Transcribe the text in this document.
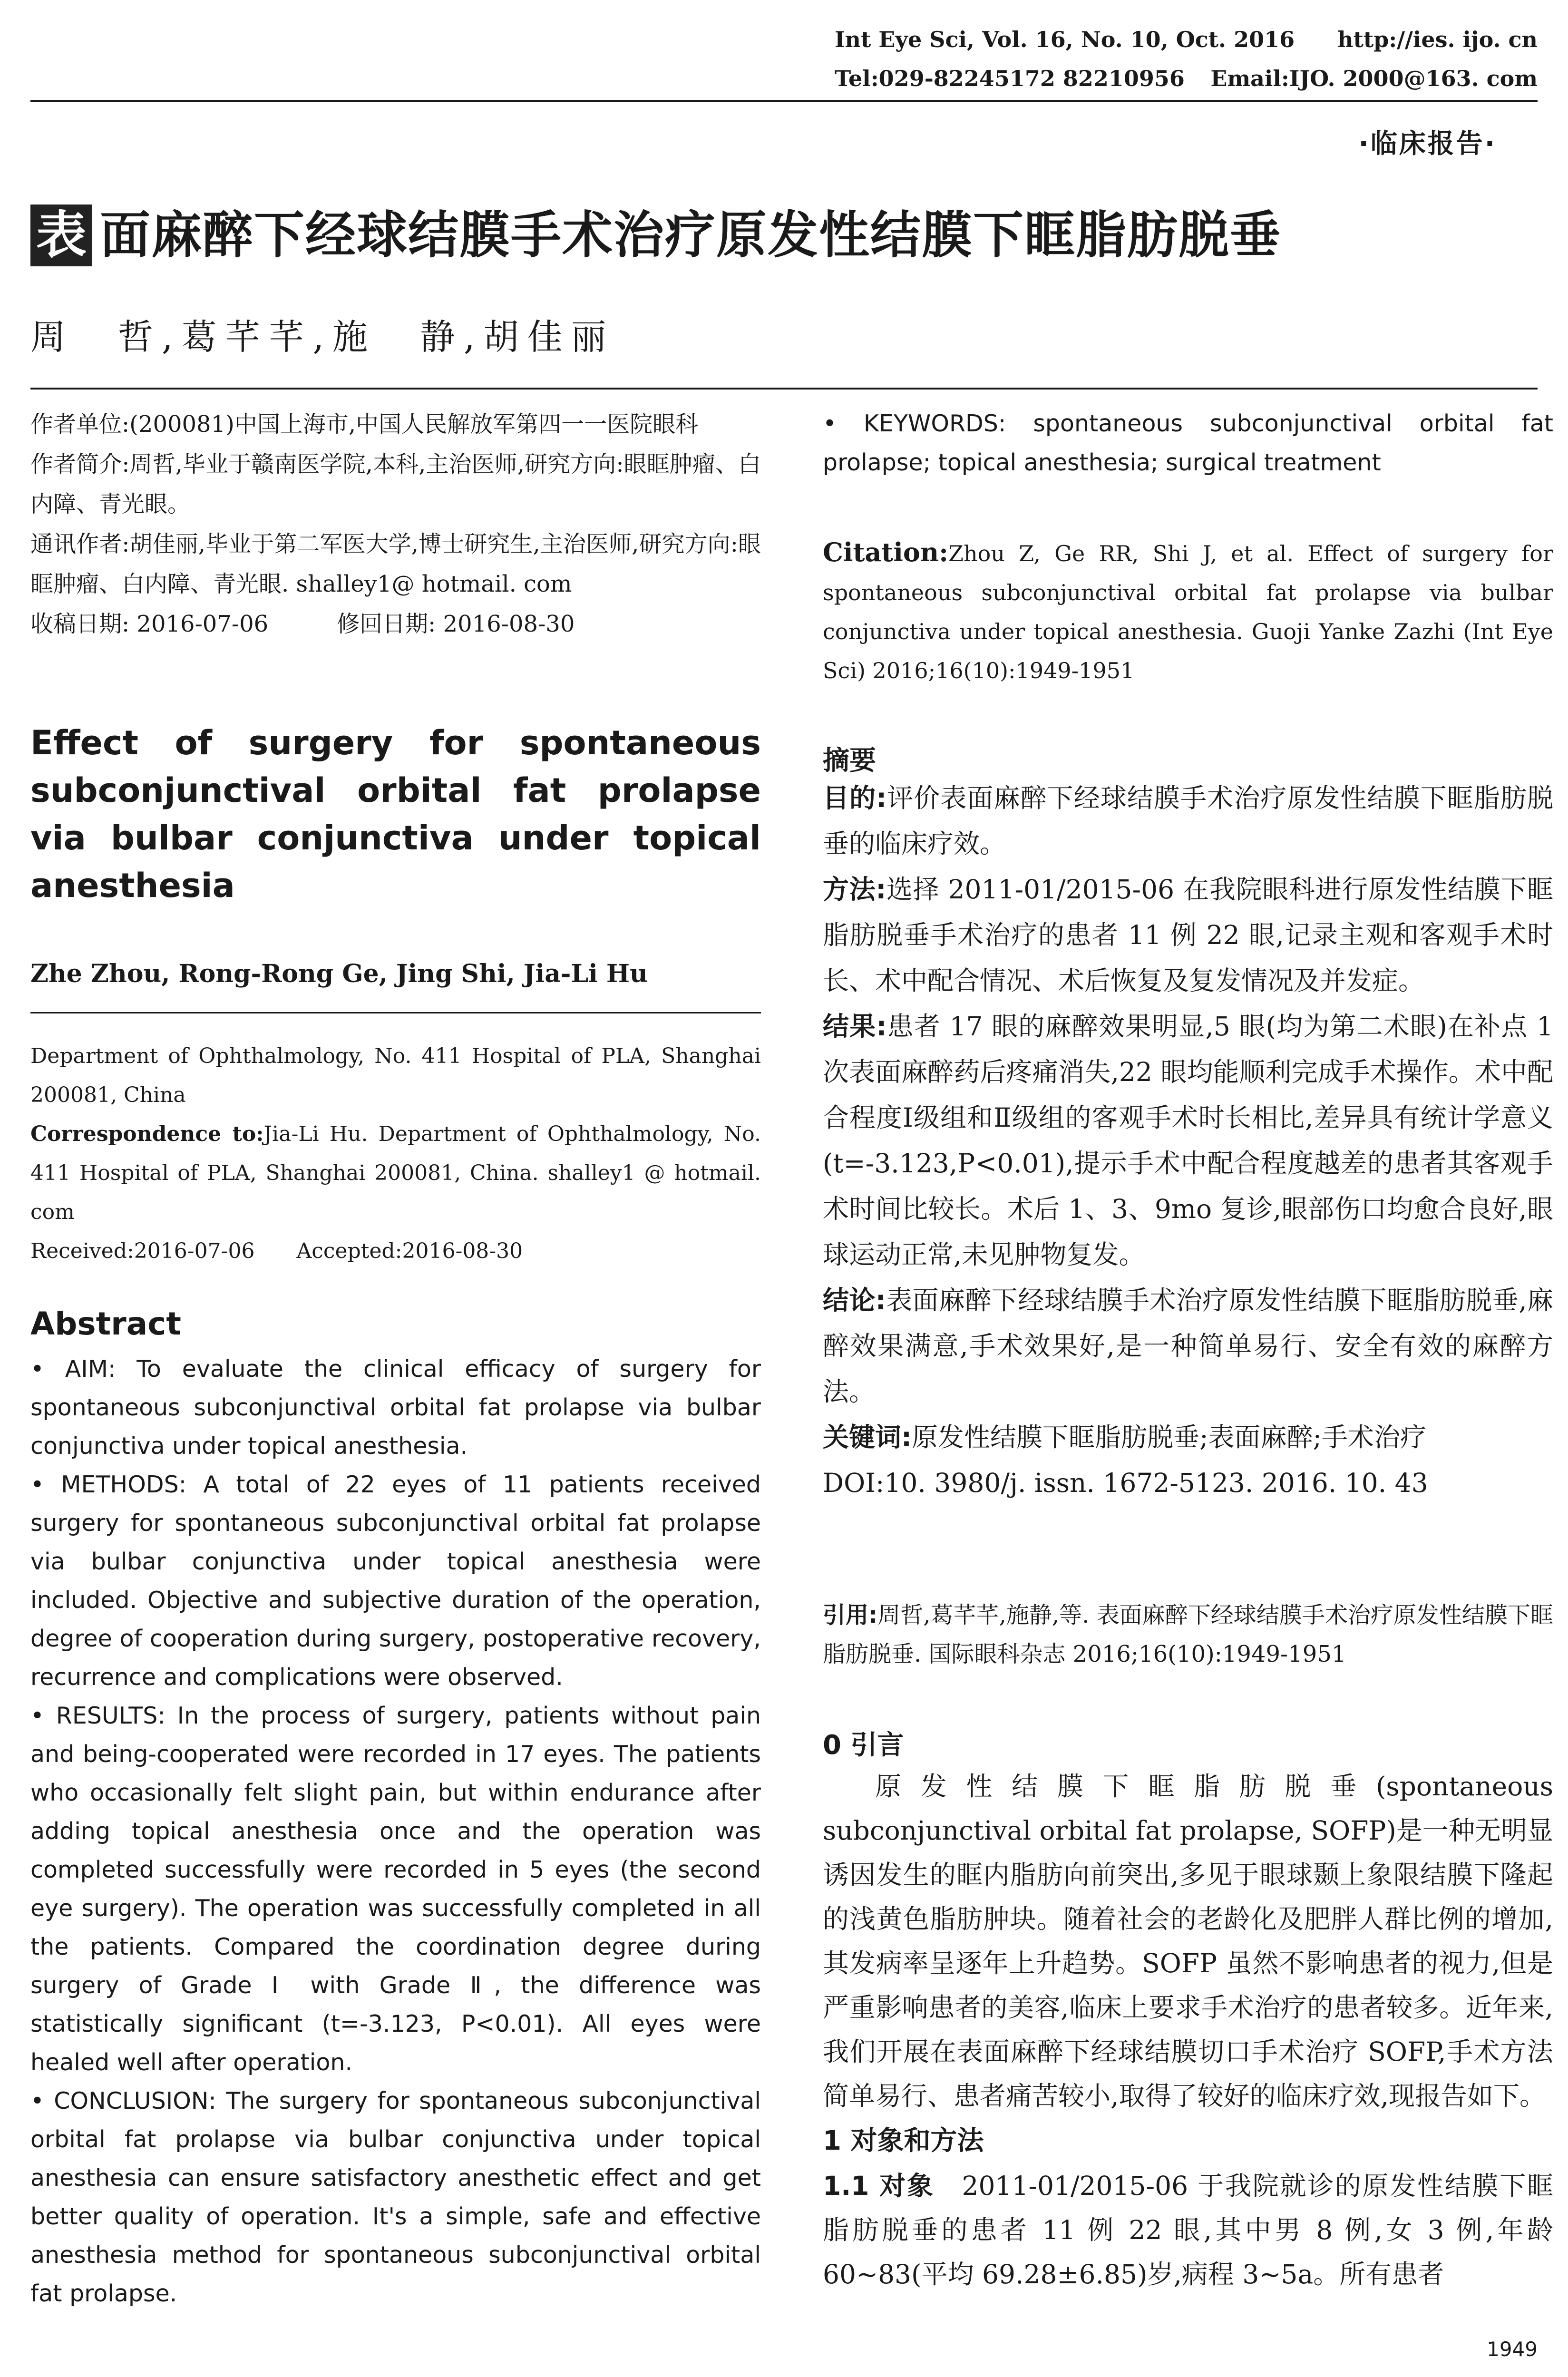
Int Eye Sci, Vol. 16, No. 10, Oct. 2016 http://ies. ijo. cn
Tel:029-82245172 82210956 Email:IJO. 2000@163. com
·临床报告·
表 面麻醉下经球结膜手术治疗原发性结膜下眶脂肪脱垂
周　哲,葛芊芊,施　静,胡佳丽
作者单位:(200081)中国上海市,中国人民解放军第四一一医院眼科
作者简介:周哲,毕业于赣南医学院,本科,主治医师,研究方向:眼眶肿瘤、白内障、青光眼。
通讯作者:胡佳丽,毕业于第二军医大学,博士研究生,主治医师,研究方向:眼眶肿瘤、白内障、青光眼. shalley1@ hotmail. com
收稿日期: 2016-07-06　　　修回日期: 2016-08-30
Effect of surgery for spontaneous subconjunctival orbital fat prolapse via bulbar conjunctiva under topical anesthesia
Zhe Zhou, Rong-Rong Ge, Jing Shi, Jia-Li Hu
Department of Ophthalmology, No. 411 Hospital of PLA, Shanghai 200081, China
Correspondence to:Jia-Li Hu. Department of Ophthalmology, No. 411 Hospital of PLA, Shanghai 200081, China. shalley1 @ hotmail. com
Received:2016-07-06　　Accepted:2016-08-30
Abstract

• AIM: To evaluate the clinical efficacy of surgery for spontaneous subconjunctival orbital fat prolapse via bulbar conjunctiva under topical anesthesia.

• METHODS: A total of 22 eyes of 11 patients received surgery for spontaneous subconjunctival orbital fat prolapse via bulbar conjunctiva under topical anesthesia were included. Objective and subjective duration of the operation, degree of cooperation during surgery, postoperative recovery, recurrence and complications were observed.

• RESULTS: In the process of surgery, patients without pain and being-cooperated were recorded in 17 eyes. The patients who occasionally felt slight pain, but within endurance after adding topical anesthesia once and the operation was completed successfully were recorded in 5 eyes (the second eye surgery). The operation was successfully completed in all the patients. Compared the coordination degree during surgery of Grade Ⅰ with Grade Ⅱ, the difference was statistically significant (t=-3.123, P<0.01). All eyes were healed well after operation.

• CONCLUSION: The surgery for spontaneous subconjunctival orbital fat prolapse via bulbar conjunctiva under topical anesthesia can ensure satisfactory anesthetic effect and get better quality of operation. It's a simple, safe and effective anesthesia method for spontaneous subconjunctival orbital fat prolapse.

• KEYWORDS: spontaneous subconjunctival orbital fat prolapse; topical anesthesia; surgical treatment
Citation:Zhou Z, Ge RR, Shi J, et al. Effect of surgery for spontaneous subconjunctival orbital fat prolapse via bulbar conjunctiva under topical anesthesia. Guoji Yanke Zazhi (Int Eye Sci) 2016;16(10):1949-1951
摘要

目的:评价表面麻醉下经球结膜手术治疗原发性结膜下眶脂肪脱垂的临床疗效。

方法:选择 2011-01/2015-06 在我院眼科进行原发性结膜下眶脂肪脱垂手术治疗的患者 11 例 22 眼,记录主观和客观手术时长、术中配合情况、术后恢复及复发情况及并发症。

结果:患者 17 眼的麻醉效果明显,5 眼(均为第二术眼)在补点 1 次表面麻醉药后疼痛消失,22 眼均能顺利完成手术操作。术中配合程度Ⅰ级组和Ⅱ级组的客观手术时长相比,差异具有统计学意义(t=-3.123,P<0.01),提示手术中配合程度越差的患者其客观手术时间比较长。术后 1、3、9mo 复诊,眼部伤口均愈合良好,眼球运动正常,未见肿物复发。

结论:表面麻醉下经球结膜手术治疗原发性结膜下眶脂肪脱垂,麻醉效果满意,手术效果好,是一种简单易行、安全有效的麻醉方法。

关键词:原发性结膜下眶脂肪脱垂;表面麻醉;手术治疗

DOI:10. 3980/j. issn. 1672-5123. 2016. 10. 43

引用:周哲,葛芊芊,施静,等. 表面麻醉下经球结膜手术治疗原发性结膜下眶脂肪脱垂. 国际眼科杂志 2016;16(10):1949-1951
0 引言

原发性结膜下眶脂肪脱垂(spontaneous subconjunctival orbital fat prolapse, SOFP)是一种无明显诱因发生的眶内脂肪向前突出,多见于眼球颞上象限结膜下隆起的浅黄色脂肪肿块。随着社会的老龄化及肥胖人群比例的增加,其发病率呈逐年上升趋势。SOFP 虽然不影响患者的视力,但是严重影响患者的美容,临床上要求手术治疗的患者较多。近年来,我们开展在表面麻醉下经球结膜切口手术治疗 SOFP,手术方法简单易行、患者痛苦较小,取得了较好的临床疗效,现报告如下。

1 对象和方法

1.1 对象　 2011-01/2015-06 于我院就诊的原发性结膜下眶脂肪脱垂的患者 11 例 22 眼,其中男 8 例,女 3 例,年龄 60~83(平均 69.28±6.85)岁,病程 3~5a。所有患者

1949
